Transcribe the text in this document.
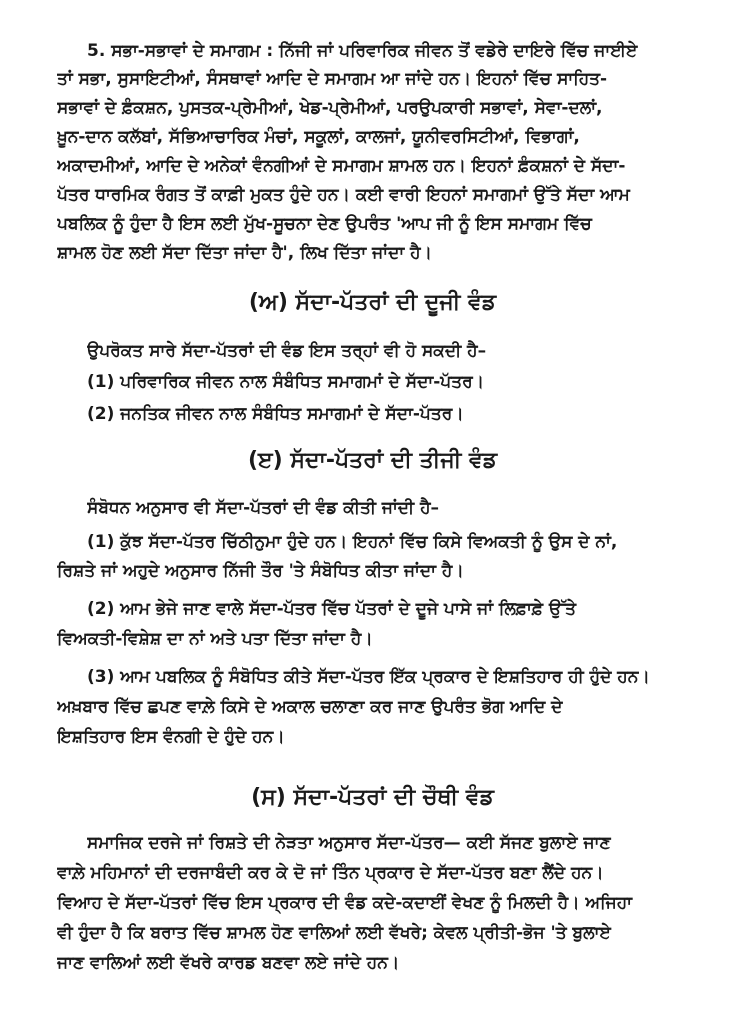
5. ਸਭਾ-ਸਭਾਵਾਂ ਦੇ ਸਮਾਗਮ : ਨਿੱਜੀ ਜਾਂ ਪਰਿਵਾਰਿਕ ਜੀਵਨ ਤੋਂ ਵਡੇਰੇ ਦਾਇਰੇ ਵਿੱਚ ਜਾਈਏ

ਤਾਂ ਸਭਾ, ਸੁਸਾਇਟੀਆਂ, ਸੰਸਥਾਵਾਂ ਆਦਿ ਦੇ ਸਮਾਗਮ ਆ ਜਾਂਦੇ ਹਨ। ਇਹਨਾਂ ਵਿੱਚ ਸਾਹਿਤ-

ਸਭਾਵਾਂ ਦੇ ਫ਼ੰਕਸ਼ਨ, ਪੁਸਤਕ-ਪ੍ਰੇਮੀਆਂ, ਖੇਡ-ਪ੍ਰੇਮੀਆਂ, ਪਰਉਪਕਾਰੀ ਸਭਾਵਾਂ, ਸੇਵਾ-ਦਲਾਂ,

ਖ਼ੂਨ-ਦਾਨ ਕਲੱਬਾਂ, ਸੱਭਿਆਚਾਰਿਕ ਮੰਚਾਂ, ਸਕੂਲਾਂ, ਕਾਲਜਾਂ, ਯੂਨੀਵਰਸਿਟੀਆਂ, ਵਿਭਾਗਾਂ,

ਅਕਾਦਮੀਆਂ, ਆਦਿ ਦੇ ਅਨੇਕਾਂ ਵੰਨਗੀਆਂ ਦੇ ਸਮਾਗਮ ਸ਼ਾਮਲ ਹਨ। ਇਹਨਾਂ ਫ਼ੰਕਸ਼ਨਾਂ ਦੇ ਸੱਦਾ-

ਪੱਤਰ ਧਾਰਮਿਕ ਰੰਗਤ ਤੋਂ ਕਾਫ਼ੀ ਮੁਕਤ ਹੁੰਦੇ ਹਨ। ਕਈ ਵਾਰੀ ਇਹਨਾਂ ਸਮਾਗਮਾਂ ਉੱਤੇ ਸੱਦਾ ਆਮ

ਪਬਲਿਕ ਨੂੰ ਹੁੰਦਾ ਹੈ ਇਸ ਲਈ ਮੁੱਖ-ਸੂਚਨਾ ਦੇਣ ਉਪਰੰਤ 'ਆਪ ਜੀ ਨੂੰ ਇਸ ਸਮਾਗਮ ਵਿੱਚ

ਸ਼ਾਮਲ ਹੋਣ ਲਈ ਸੱਦਾ ਦਿੱਤਾ ਜਾਂਦਾ ਹੈ', ਲਿਖ ਦਿੱਤਾ ਜਾਂਦਾ ਹੈ।

(ਅ) ਸੱਦਾ-ਪੱਤਰਾਂ ਦੀ ਦੂਜੀ ਵੰਡ

ਉਪਰੋਕਤ ਸਾਰੇ ਸੱਦਾ-ਪੱਤਰਾਂ ਦੀ ਵੰਡ ਇਸ ਤਰ੍ਹਾਂ ਵੀ ਹੋ ਸਕਦੀ ਹੈ–

(1) ਪਰਿਵਾਰਿਕ ਜੀਵਨ ਨਾਲ ਸੰਬੰਧਿਤ ਸਮਾਗਮਾਂ ਦੇ ਸੱਦਾ-ਪੱਤਰ।

(2) ਜਨਤਿਕ ਜੀਵਨ ਨਾਲ ਸੰਬੰਧਿਤ ਸਮਾਗਮਾਂ ਦੇ ਸੱਦਾ-ਪੱਤਰ।

(ੲ) ਸੱਦਾ-ਪੱਤਰਾਂ ਦੀ ਤੀਜੀ ਵੰਡ

ਸੰਬੋਧਨ ਅਨੁਸਾਰ ਵੀ ਸੱਦਾ-ਪੱਤਰਾਂ ਦੀ ਵੰਡ ਕੀਤੀ ਜਾਂਦੀ ਹੈ–

(1) ਕੁੱਝ ਸੱਦਾ-ਪੱਤਰ ਚਿੱਠੀਨੁਮਾ ਹੁੰਦੇ ਹਨ। ਇਹਨਾਂ ਵਿੱਚ ਕਿਸੇ ਵਿਅਕਤੀ ਨੂੰ ਉਸ ਦੇ ਨਾਂ,

ਰਿਸ਼ਤੇ ਜਾਂ ਅਹੁਦੇ ਅਨੁਸਾਰ ਨਿੱਜੀ ਤੌਰ 'ਤੇ ਸੰਬੋਧਿਤ ਕੀਤਾ ਜਾਂਦਾ ਹੈ।

(2) ਆਮ ਭੇਜੇ ਜਾਣ ਵਾਲੇ ਸੱਦਾ-ਪੱਤਰ ਵਿੱਚ ਪੱਤਰਾਂ ਦੇ ਦੂਜੇ ਪਾਸੇ ਜਾਂ ਲਿਫ਼ਾਫ਼ੇ ਉੱਤੇ

ਵਿਅਕਤੀ-ਵਿਸ਼ੇਸ਼ ਦਾ ਨਾਂ ਅਤੇ ਪਤਾ ਦਿੱਤਾ ਜਾਂਦਾ ਹੈ।

(3) ਆਮ ਪਬਲਿਕ ਨੂੰ ਸੰਬੋਧਿਤ ਕੀਤੇ ਸੱਦਾ-ਪੱਤਰ ਇੱਕ ਪ੍ਰਕਾਰ ਦੇ ਇਸ਼ਤਿਹਾਰ ਹੀ ਹੁੰਦੇ ਹਨ।

ਅਖ਼ਬਾਰ ਵਿੱਚ ਛਪਣ ਵਾਲ਼ੇ ਕਿਸੇ ਦੇ ਅਕਾਲ ਚਲਾਣਾ ਕਰ ਜਾਣ ਉਪਰੰਤ ਭੋਗ ਆਦਿ ਦੇ

ਇਸ਼ਤਿਹਾਰ ਇਸ ਵੰਨਗੀ ਦੇ ਹੁੰਦੇ ਹਨ।

(ਸ) ਸੱਦਾ-ਪੱਤਰਾਂ ਦੀ ਚੌਥੀ ਵੰਡ

ਸਮਾਜਿਕ ਦਰਜੇ ਜਾਂ ਰਿਸ਼ਤੇ ਦੀ ਨੇੜਤਾ ਅਨੁਸਾਰ ਸੱਦਾ-ਪੱਤਰ— ਕਈ ਸੱਜਣ ਬੁਲਾਏ ਜਾਣ

ਵਾਲ਼ੇ ਮਹਿਮਾਨਾਂ ਦੀ ਦਰਜਾਬੰਦੀ ਕਰ ਕੇ ਦੋ ਜਾਂ ਤਿੰਨ ਪ੍ਰਕਾਰ ਦੇ ਸੱਦਾ-ਪੱਤਰ ਬਣਾ ਲੈਂਦੇ ਹਨ।

ਵਿਆਹ ਦੇ ਸੱਦਾ-ਪੱਤਰਾਂ ਵਿੱਚ ਇਸ ਪ੍ਰਕਾਰ ਦੀ ਵੰਡ ਕਦੇ-ਕਦਾਈਂ ਵੇਖਣ ਨੂੰ ਮਿਲਦੀ ਹੈ। ਅਜਿਹਾ

ਵੀ ਹੁੰਦਾ ਹੈ ਕਿ ਬਰਾਤ ਵਿੱਚ ਸ਼ਾਮਲ ਹੋਣ ਵਾਲਿਆਂ ਲਈ ਵੱਖਰੇ; ਕੇਵਲ ਪ੍ਰੀਤੀ-ਭੋਜ 'ਤੇ ਬੁਲਾਏ

ਜਾਣ ਵਾਲਿਆਂ ਲਈ ਵੱਖਰੇ ਕਾਰਡ ਬਣਵਾ ਲਏ ਜਾਂਦੇ ਹਨ।
